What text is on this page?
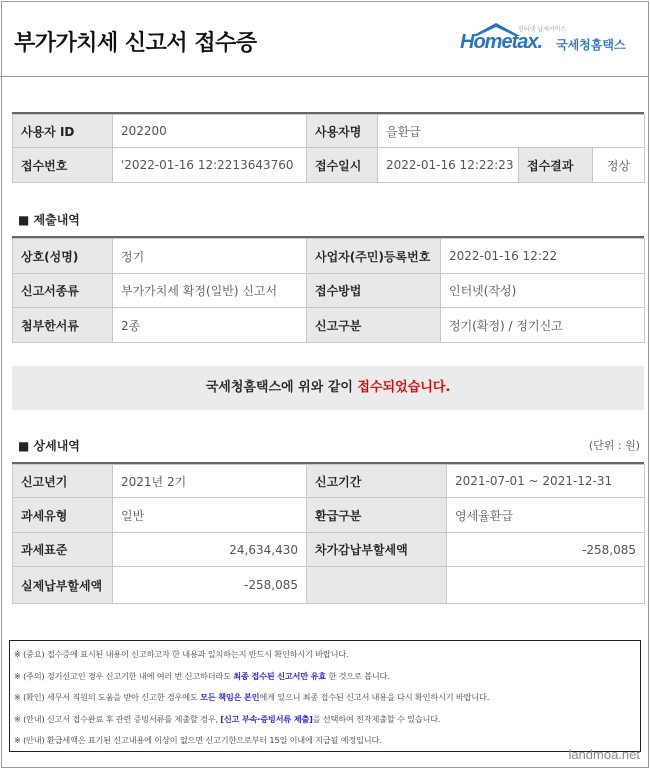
부가가치세 신고서 접수증
인터넷 납세서비스
Hometax. 국세청홈택스
사용자 ID	202200	사용자명	을환급		
접수번호	'2022-01-16 12:2213643760	접수일시	2022-01-16 12:22:23	접수결과	정상
■ 제출내역
상호(성명)	정기	사업자(주민)등록번호	2022-01-16 12:22
신고서종류	부가가치세 확정(일반) 신고서	접수방법	인터넷(작성)
첨부한서류	2종	신고구분	정기(확정) / 정기신고
국세청홈택스에 위와 같이 접수되었습니다.
■ 상세내역	(단위 : 원)
신고년기	2021년 2기	신고기간	2021-07-01 ~ 2021-12-31
과세유형	일반	환급구분	영세율환급
과세표준	24,634,430	차가감납부할세액	-258,085
실제납부할세액	-258,085		
※ (중요) 접수증에 표시된 내용이 신고하고자 한 내용과 일치하는지 반드시 확인하시기 바랍니다.
※ (주의) 정기신고인 경우 신고기한 내에 여러 번 신고하더라도 최종 접수된 신고서만 유효 한 것으로 봅니다.
※ (확인) 세무서 직원의 도움을 받아 신고한 경우에도 모든 책임은 본인에게 있으니 최종 접수된 신고서 내용을 다시 확인하시기 바랍니다.
※ (안내) 신고서 접수완료 후 관련 증빙서류를 제출할 경우, [신고 부속·증빙서류 제출]을 선택하여 전자제출할 수 있습니다.
※ (안내) 환급세액은 표기된 신고내용에 이상이 없으면 신고기한으로부터 15일 이내에 지급될 예정입니다.
landmoa.net
